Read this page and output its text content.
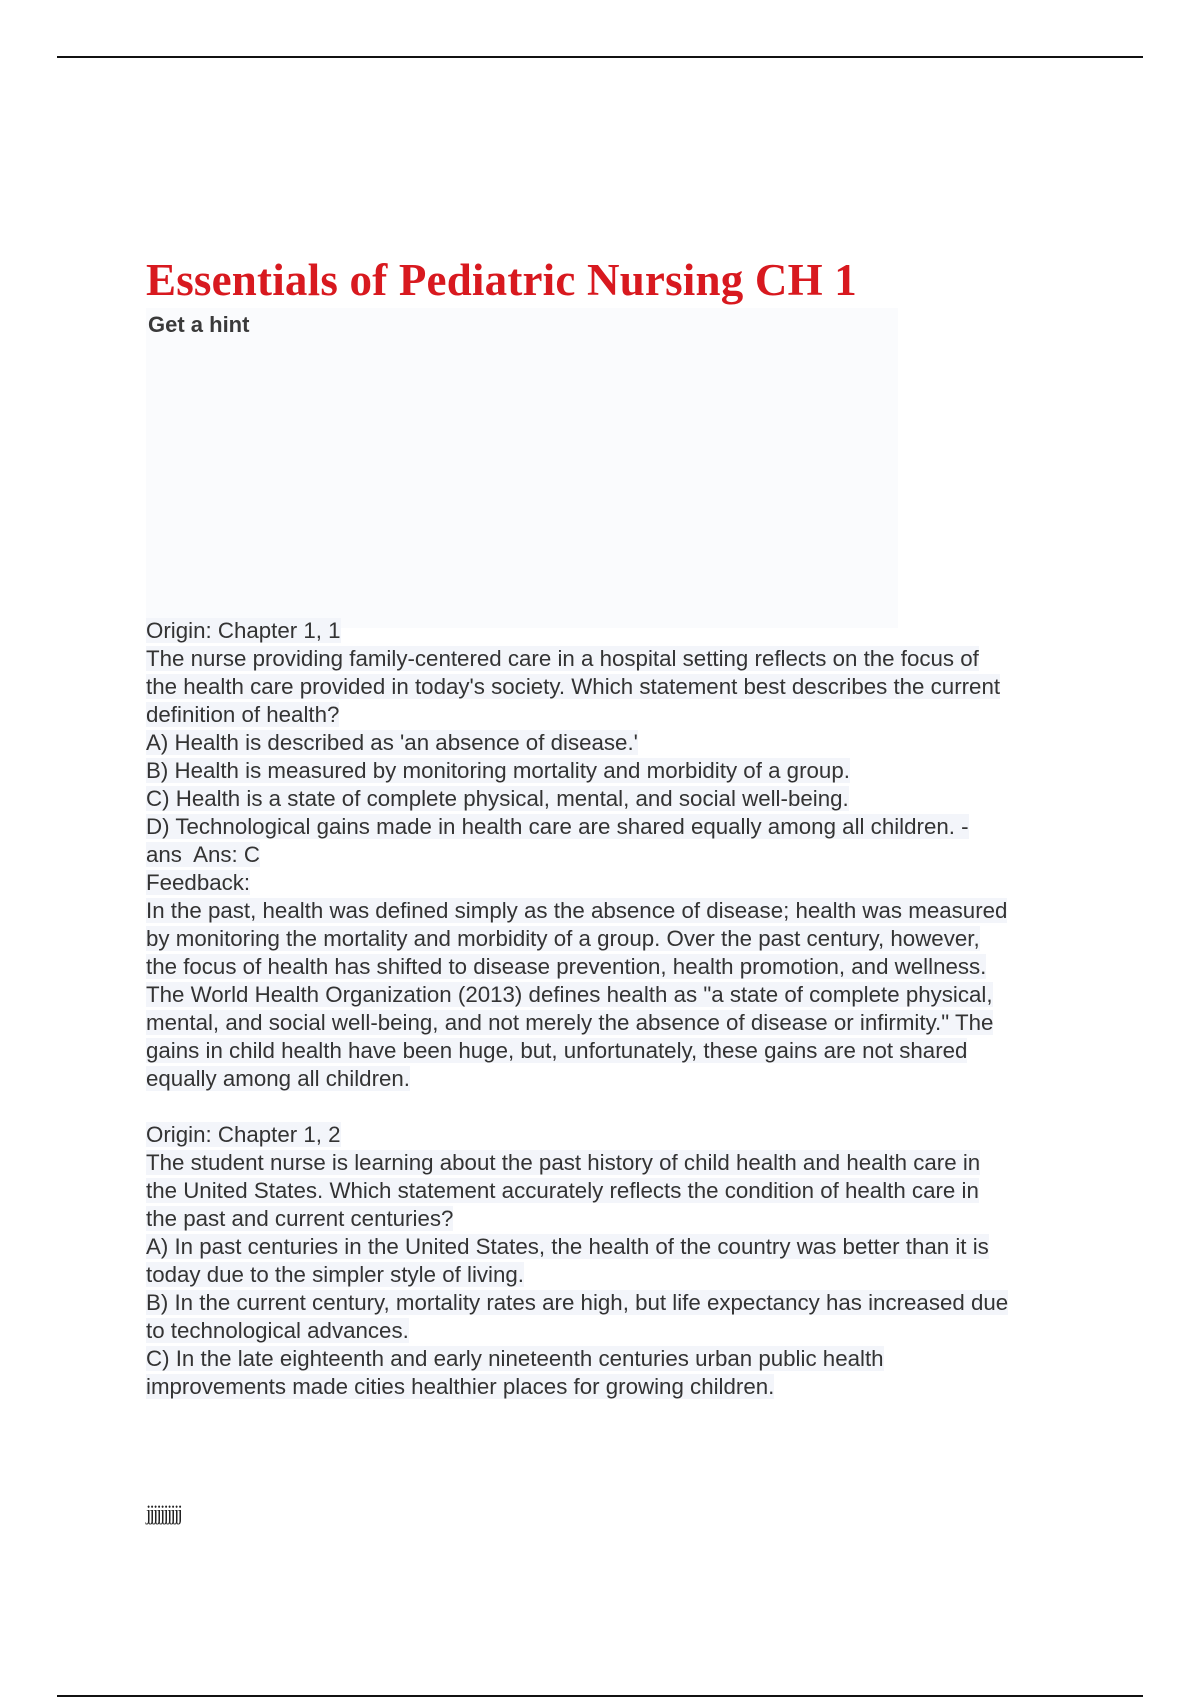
Essentials of Pediatric Nursing CH 1
Get a hint
Origin: Chapter 1, 1
The nurse providing family-centered care in a hospital setting reflects on the focus of
the health care provided in today's society. Which statement best describes the current
definition of health?
A) Health is described as 'an absence of disease.'
B) Health is measured by monitoring mortality and morbidity of a group.
C) Health is a state of complete physical, mental, and social well-being.
D) Technological gains made in health care are shared equally among all children. -
ans  Ans: C
Feedback:
In the past, health was defined simply as the absence of disease; health was measured
by monitoring the mortality and morbidity of a group. Over the past century, however,
the focus of health has shifted to disease prevention, health promotion, and wellness.
The World Health Organization (2013) defines health as "a state of complete physical,
mental, and social well-being, and not merely the absence of disease or infirmity." The
gains in child health have been huge, but, unfortunately, these gains are not shared
equally among all children.
Origin: Chapter 1, 2
The student nurse is learning about the past history of child health and health care in
the United States. Which statement accurately reflects the condition of health care in
the past and current centuries?
A) In past centuries in the United States, the health of the country was better than it is
today due to the simpler style of living.
B) In the current century, mortality rates are high, but life expectancy has increased due
to technological advances.
C) In the late eighteenth and early nineteenth centuries urban public health
improvements made cities healthier places for growing children.
jjjjjjjjjj
